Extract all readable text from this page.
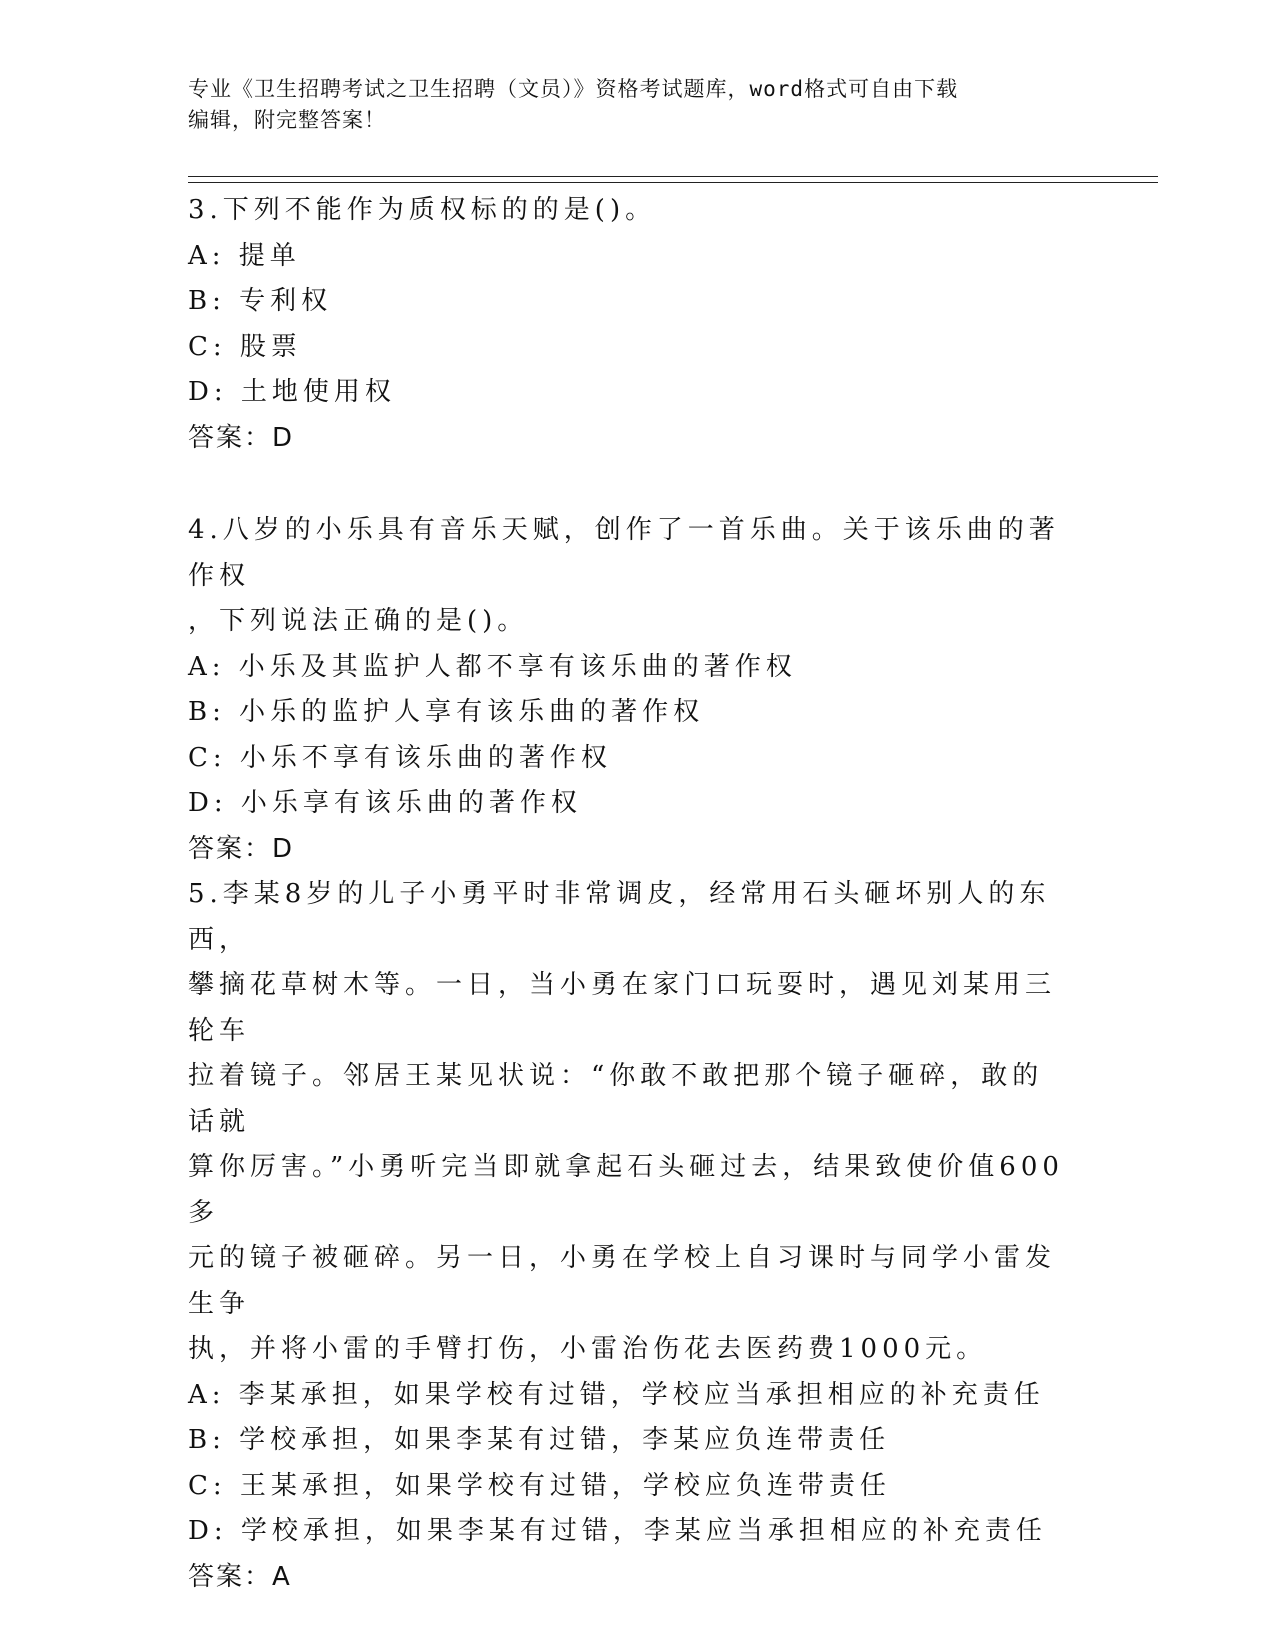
专业《卫生招聘考试之卫生招聘（文员）》资格考试题库，word格式可自由下载
编辑，附完整答案！
3.下列不能作为质权标的的是()。
A: 提单
B: 专利权
C: 股票
D: 土地使用权
答案：D
4.八岁的小乐具有音乐天赋，创作了一首乐曲。关于该乐曲的著作权
，下列说法正确的是()。
A: 小乐及其监护人都不享有该乐曲的著作权
B: 小乐的监护人享有该乐曲的著作权
C: 小乐不享有该乐曲的著作权
D: 小乐享有该乐曲的著作权
答案：D
5.李某8岁的儿子小勇平时非常调皮，经常用石头砸坏别人的东西，
攀摘花草树木等。一日，当小勇在家门口玩耍时，遇见刘某用三轮车
拉着镜子。邻居王某见状说：“你敢不敢把那个镜子砸碎，敢的话就
算你厉害。”小勇听完当即就拿起石头砸过去，结果致使价值600多
元的镜子被砸碎。另一日，小勇在学校上自习课时与同学小雷发生争
执，并将小雷的手臂打伤，小雷治伤花去医药费1000元。
A: 李某承担，如果学校有过错，学校应当承担相应的补充责任
B: 学校承担，如果李某有过错，李某应负连带责任
C: 王某承担，如果学校有过错，学校应负连带责任
D: 学校承担，如果李某有过错，李某应当承担相应的补充责任
答案：A
